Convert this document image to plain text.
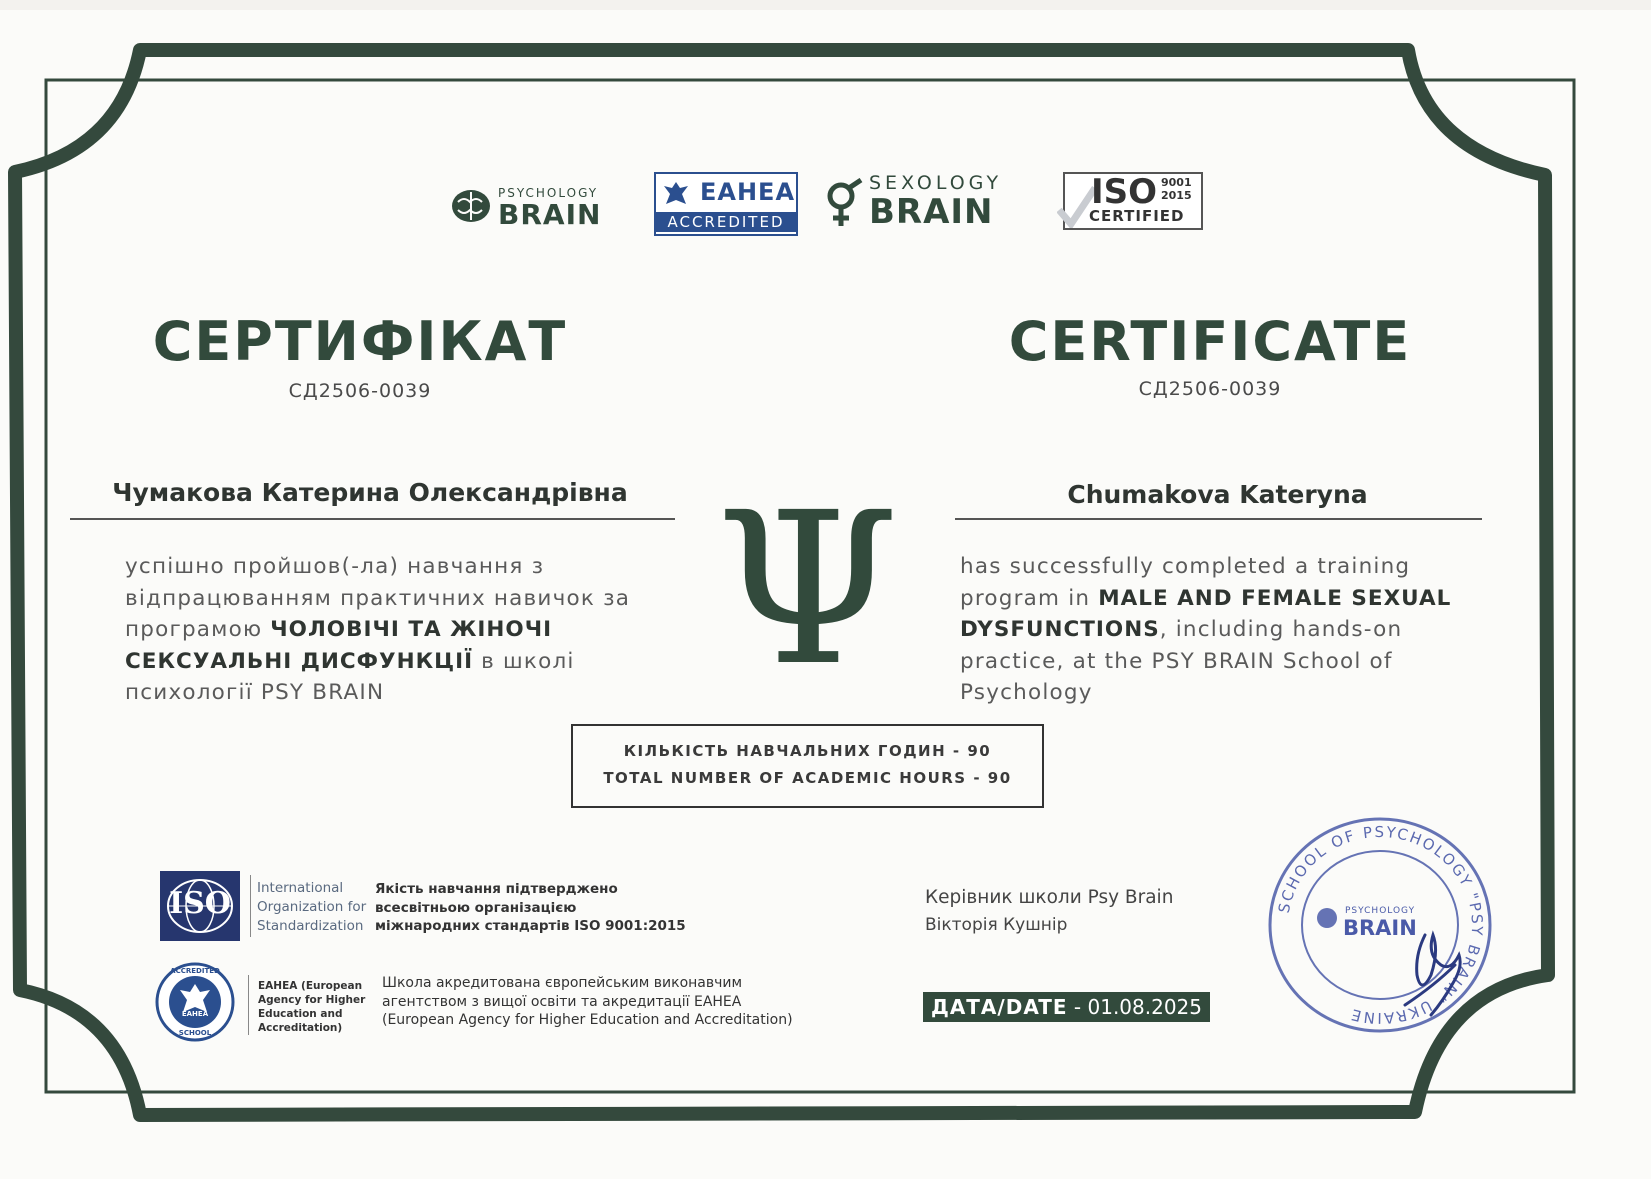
PSYCHOLOGY
BRAIN
EAHEA
ACCREDITED
SEXOLOGY
BRAIN	ISO 9001
2015
CERTIFIED
СЕРТИФІКАТ
СД2506-0039
CERTIFICATE
СД2506-0039
Чумакова Катерина Олександрівна	Chumakova Kateryna
успішно пройшов(-ла) навчання з відпрацюванням практичних навичок за програмою ЧОЛОВІЧІ ТА ЖІНОЧІ СЕКСУАЛЬНІ ДИСФУНКЦІЇ в школі психології PSY BRAIN
has successfully completed a training program in MALE AND FEMALE SEXUAL DYSFUNCTIONS, including hands-on practice, at the PSY BRAIN School of Psychology
Ψ
КІЛЬКІСТЬ НАВЧАЛЬНИХ ГОДИН - 90
TOTAL NUMBER OF ACADEMIC HOURS - 90
ISO	International
Organization for
Standardization
Якість навчання підтверджено
всесвітньою організацією
міжнародних стандартів ISO 9001:2015
ACCREDITED
EAHEA
SCHOOL
EAHEA (European
Agency for Higher
Education and
Accreditation)
Школа акредитована європейським виконавчим
агентством з вищої освіти та акредитації EAHEA
(European Agency for Higher Education and Accreditation)
Керівник школи Psy Brain
Вікторія Кушнір
ДАТА/DATE - 01.08.2025
SCHOOL OF PSYCHOLOGY "PSY BRAIN" UKRAINE
PSYCHOLOGY
BRAIN
